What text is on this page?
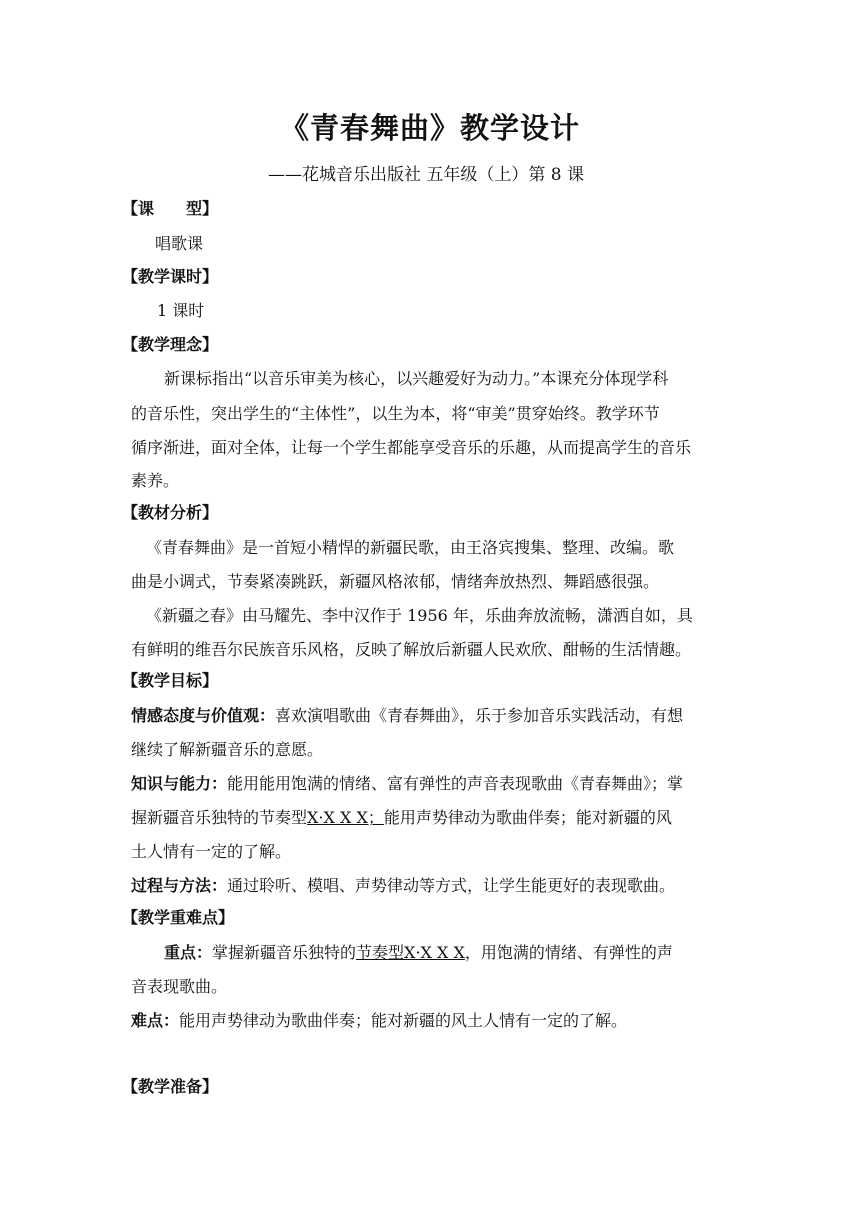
《青春舞曲》教学设计
——花城音乐出版社 五年级（上）第 8 课
【课　　型】
唱歌课
【教学课时】
1 课时
【教学理念】
新课标指出“以音乐审美为核心，以兴趣爱好为动力。”本课充分体现学科
的音乐性，突出学生的“主体性”，以生为本，将“审美”贯穿始终。教学环节
循序渐进，面对全体，让每一个学生都能享受音乐的乐趣，从而提高学生的音乐
素养。
【教材分析】
《青春舞曲》是一首短小精悍的新疆民歌，由王洛宾搜集、整理、改编。歌
曲是小调式，节奏紧凑跳跃，新疆风格浓郁，情绪奔放热烈、舞蹈感很强。
《新疆之春》由马耀先、李中汉作于 1956 年，乐曲奔放流畅，潇洒自如，具
有鲜明的维吾尔民族音乐风格，反映了解放后新疆人民欢欣、酣畅的生活情趣。
【教学目标】
情感态度与价值观：喜欢演唱歌曲《青春舞曲》，乐于参加音乐实践活动，有想
继续了解新疆音乐的意愿。
知识与能力：能用能用饱满的情绪、富有弹性的声音表现歌曲《青春舞曲》；掌
握新疆音乐独特的节奏型X·X X X；能用声势律动为歌曲伴奏；能对新疆的风
土人情有一定的了解。
过程与方法：通过聆听、模唱、声势律动等方式，让学生能更好的表现歌曲。
【教学重难点】
重点：掌握新疆音乐独特的节奏型X·X X X，用饱满的情绪、有弹性的声
音表现歌曲。
难点：能用声势律动为歌曲伴奏；能对新疆的风土人情有一定的了解。
【教学准备】
